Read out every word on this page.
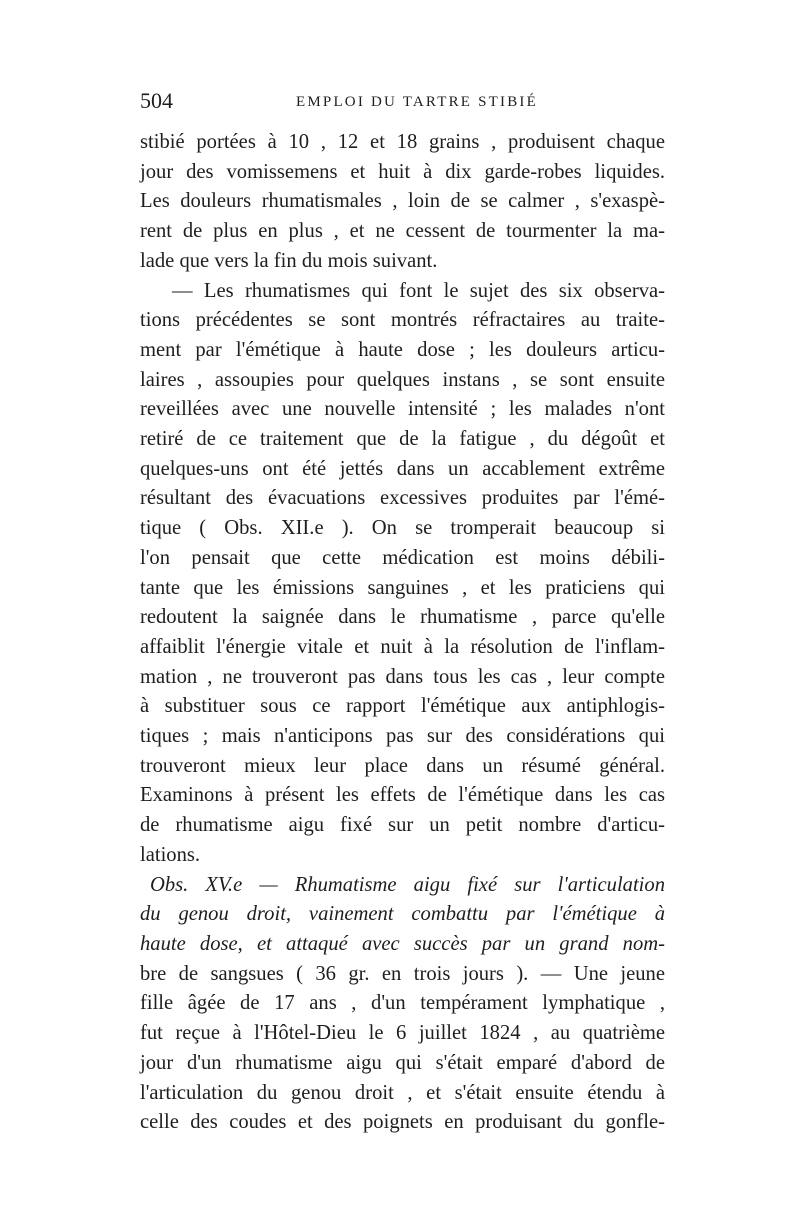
504	EMPLOI DU TARTRE STIBIÉ
stibié portées à 10 , 12 et 18 grains , produisent chaque
jour des vomissemens et huit à dix garde-robes liquides.
Les douleurs rhumatismales , loin de se calmer , s'exaspè-
rent de plus en plus , et ne cessent de tourmenter la ma-
lade que vers la fin du mois suivant.
— Les rhumatismes qui font le sujet des six observa-
tions précédentes se sont montrés réfractaires au traite-
ment par l'émétique à haute dose ; les douleurs articu-
laires , assoupies pour quelques instans , se sont ensuite
reveillées avec une nouvelle intensité ; les malades n'ont
retiré de ce traitement que de la fatigue , du dégoût et
quelques-uns ont été jettés dans un accablement extrême
résultant des évacuations excessives produites par l'émé-
tique ( Obs. XII.e ). On se tromperait beaucoup si
l'on pensait que cette médication est moins débili-
tante que les émissions sanguines , et les praticiens qui
redoutent la saignée dans le rhumatisme , parce qu'elle
affaiblit l'énergie vitale et nuit à la résolution de l'inflam-
mation , ne trouveront pas dans tous les cas , leur compte
à substituer sous ce rapport l'émétique aux antiphlogis-
tiques ; mais n'anticipons pas sur des considérations qui
trouveront mieux leur place dans un résumé général.
Examinons à présent les effets de l'émétique dans les cas
de rhumatisme aigu fixé sur un petit nombre d'articu-
lations.
Obs. XV.e — Rhumatisme aigu fixé sur l'articulation
du genou droit, vainement combattu par l'émétique à
haute dose, et attaqué avec succès par un grand nom-
bre de sangsues ( 36 gr. en trois jours ). — Une jeune
fille âgée de 17 ans , d'un tempérament lymphatique ,
fut reçue à l'Hôtel-Dieu le 6 juillet 1824 , au quatrième
jour d'un rhumatisme aigu qui s'était emparé d'abord de
l'articulation du genou droit , et s'était ensuite étendu à
celle des coudes et des poignets en produisant du gonfle-
